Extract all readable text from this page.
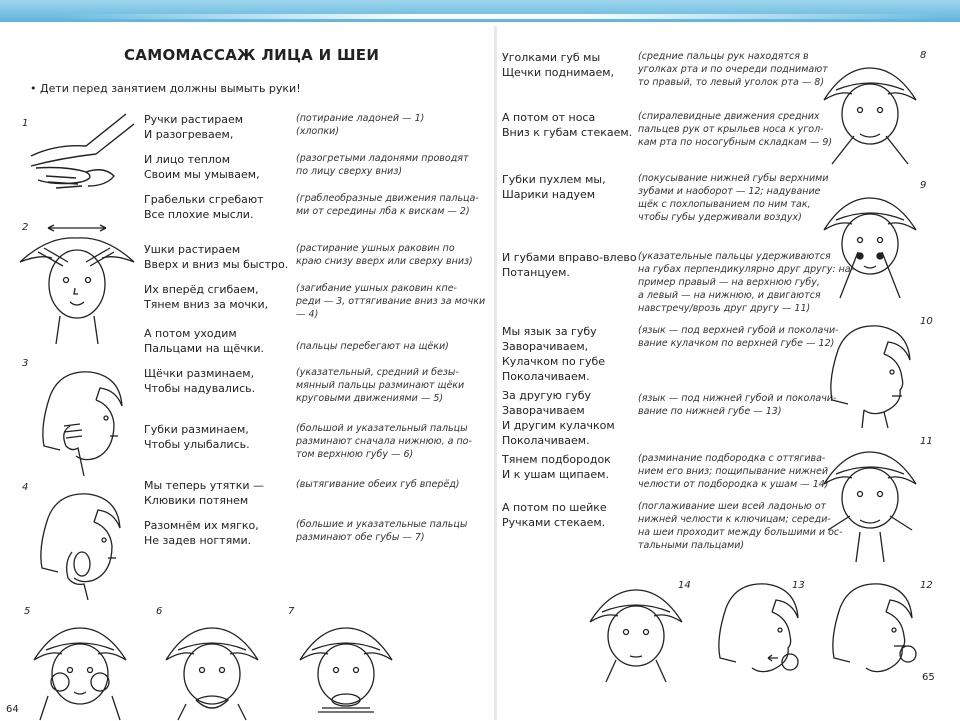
САМОМАССАЖ ЛИЦА И ШЕИ
• Дети перед занятием должны вымыть руки!
1
2
3
4
5	6	7
Ручки растираем
И разогреваем,
(потирание ладоней — 1)
(хлопки)
И лицо теплом
Своим мы умываем,
(разогретыми ладонями проводят
по лицу сверху вниз)
Грабельки сгребают
Все плохие мысли.
(граблеобразные движения пальца-
ми от середины лба к вискам — 2)
Ушки растираем
Вверх и вниз мы быстро.
(растирание ушных раковин по
краю снизу вверх или сверху вниз)
Их вперёд сгибаем,
Тянем вниз за мочки,
(загибание ушных раковин кпе-
реди — 3, оттягивание вниз за мочки
— 4)
А потом уходим
Пальцами на щёчки.	(пальцы перебегают на щёки)
Щёчки разминаем,
Чтобы надувались.
(указательный, средний и безы-
мянный пальцы разминают щёки
круговыми движениями — 5)
Губки разминаем,
Чтобы улыбались.
(большой и указательный пальцы
разминают сначала нижнюю, а по-
том верхнюю губу — 6)
Мы теперь утятки —
Клювики потянем
(вытягивание обеих губ вперёд)
Разомнём их мягко,
Не задев ногтями.
(большие и указательные пальцы
разминают обе губы — 7)
64
Уголками губ мы
Щечки поднимаем,
(средние пальцы рук находятся в
уголках рта и по очереди поднимают
то правый, то левый уголок рта — 8)
А потом от носа
Вниз к губам стекаем.
(спиралевидные движения средних
пальцев рук от крыльев носа к угол-
кам рта по носогубным складкам — 9)
Губки пухлем мы,
Шарики надуем
(покусывание нижней губы верхними
зубами и наоборот — 12; надувание
щёк с похлопыванием по ним так,
чтобы губы удерживали воздух)
И губами вправо-влево
Потанцуем.
(указательные пальцы удерживаются
на губах перпендикулярно друг другу: на-
пример правый — на верхнюю губу,
а левый — на нижнюю, и двигаются
навстречу/врозь друг другу — 11)
Мы язык за губу
Заворачиваем,
Кулачком по губе
Поколачиваем.
(язык — под верхней губой и поколачи-
вание кулачком по верхней губе — 12)
За другую губу
Заворачиваем
И другим кулачком
Поколачиваем.
(язык — под нижней губой и поколачи-
вание по нижней губе — 13)
Тянем подбородок
И к ушам щипаем.
(разминание подбородка с оттягива-
нием его вниз; пощипывание нижней
челюсти от подбородка к ушам — 14)
А потом по шейке
Ручками стекаем.
(поглаживание шеи всей ладонью от
нижней челюсти к ключицам; середи-
на шеи проходит между большими и ос-
тальными пальцами)
8
9
10
11
14	13	12
65
